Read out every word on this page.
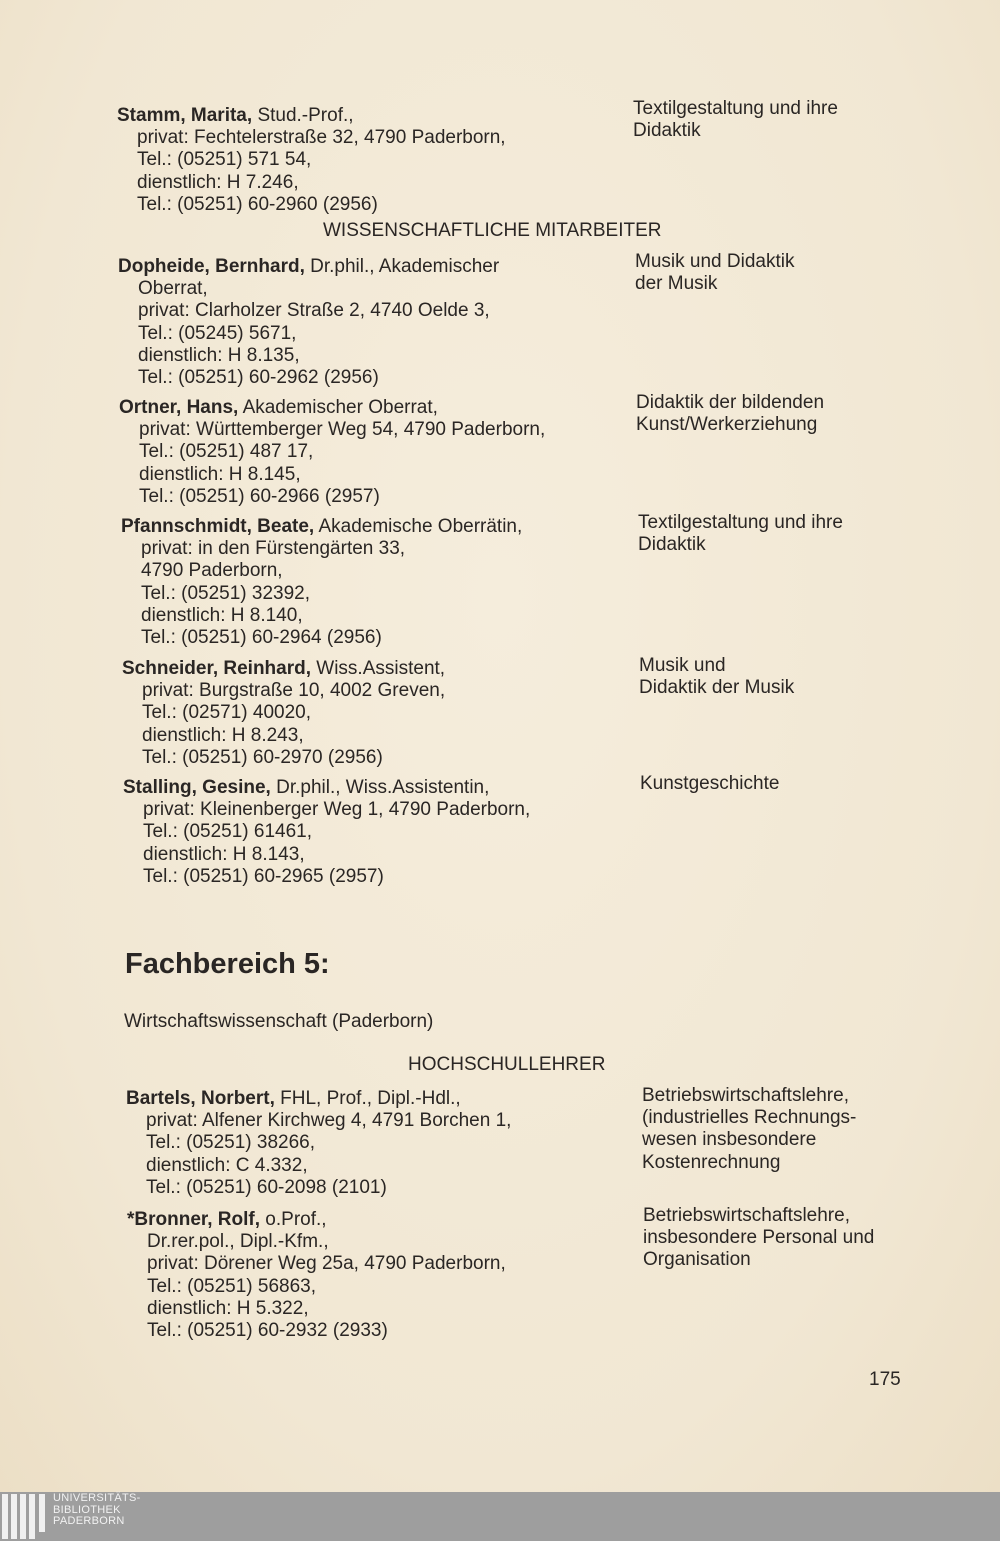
Stamm, Marita, Stud.-Prof.,
privat: Fechtelerstraße 32, 4790 Paderborn,
Tel.: (05251) 571 54,
dienstlich: H 7.246,
Tel.: (05251) 60-2960 (2956)
Textilgestaltung und ihre
Didaktik
Dopheide, Bernhard, Dr.phil., Akademischer
Oberrat,
privat: Clarholzer Straße 2, 4740 Oelde 3,
Tel.: (05245) 5671,
dienstlich: H 8.135,
Tel.: (05251) 60-2962 (2956)
Musik und Didaktik
der Musik
Ortner, Hans, Akademischer Oberrat,
privat: Württemberger Weg 54, 4790 Paderborn,
Tel.: (05251) 487 17,
dienstlich: H 8.145,
Tel.: (05251) 60-2966 (2957)
Didaktik der bildenden
Kunst/Werkerziehung
Pfannschmidt, Beate, Akademische Oberrätin,
privat: in den Fürstengärten 33,
4790 Paderborn,
Tel.: (05251) 32392,
dienstlich: H 8.140,
Tel.: (05251) 60-2964 (2956)
Textilgestaltung und ihre
Didaktik
Schneider, Reinhard, Wiss.Assistent,
privat: Burgstraße 10, 4002 Greven,
Tel.: (02571) 40020,
dienstlich: H 8.243,
Tel.: (05251) 60-2970 (2956)
Musik und
Didaktik der Musik
Stalling, Gesine, Dr.phil., Wiss.Assistentin,
privat: Kleinenberger Weg 1, 4790 Paderborn,
Tel.: (05251) 61461,
dienstlich: H 8.143,
Tel.: (05251) 60-2965 (2957)
Kunstgeschichte
Bartels, Norbert, FHL, Prof., Dipl.-Hdl.,
privat: Alfener Kirchweg 4, 4791 Borchen 1,
Tel.: (05251) 38266,
dienstlich: C 4.332,
Tel.: (05251) 60-2098 (2101)
Betriebswirtschaftslehre,
(industrielles Rechnungs-
wesen insbesondere
Kostenrechnung
*Bronner, Rolf, o.Prof.,
Dr.rer.pol., Dipl.-Kfm.,
privat: Dörener Weg 25a, 4790 Paderborn,
Tel.: (05251) 56863,
dienstlich: H 5.322,
Tel.: (05251) 60-2932 (2933)
Betriebswirtschaftslehre,
insbesondere Personal und
Organisation
WISSENSCHAFTLICHE MITARBEITER
Fachbereich 5:
Wirtschaftswissenschaft (Paderborn)
HOCHSCHULLEHRER
175
UNIVERSITÄTS-
BIBLIOTHEK
PADERBORN
